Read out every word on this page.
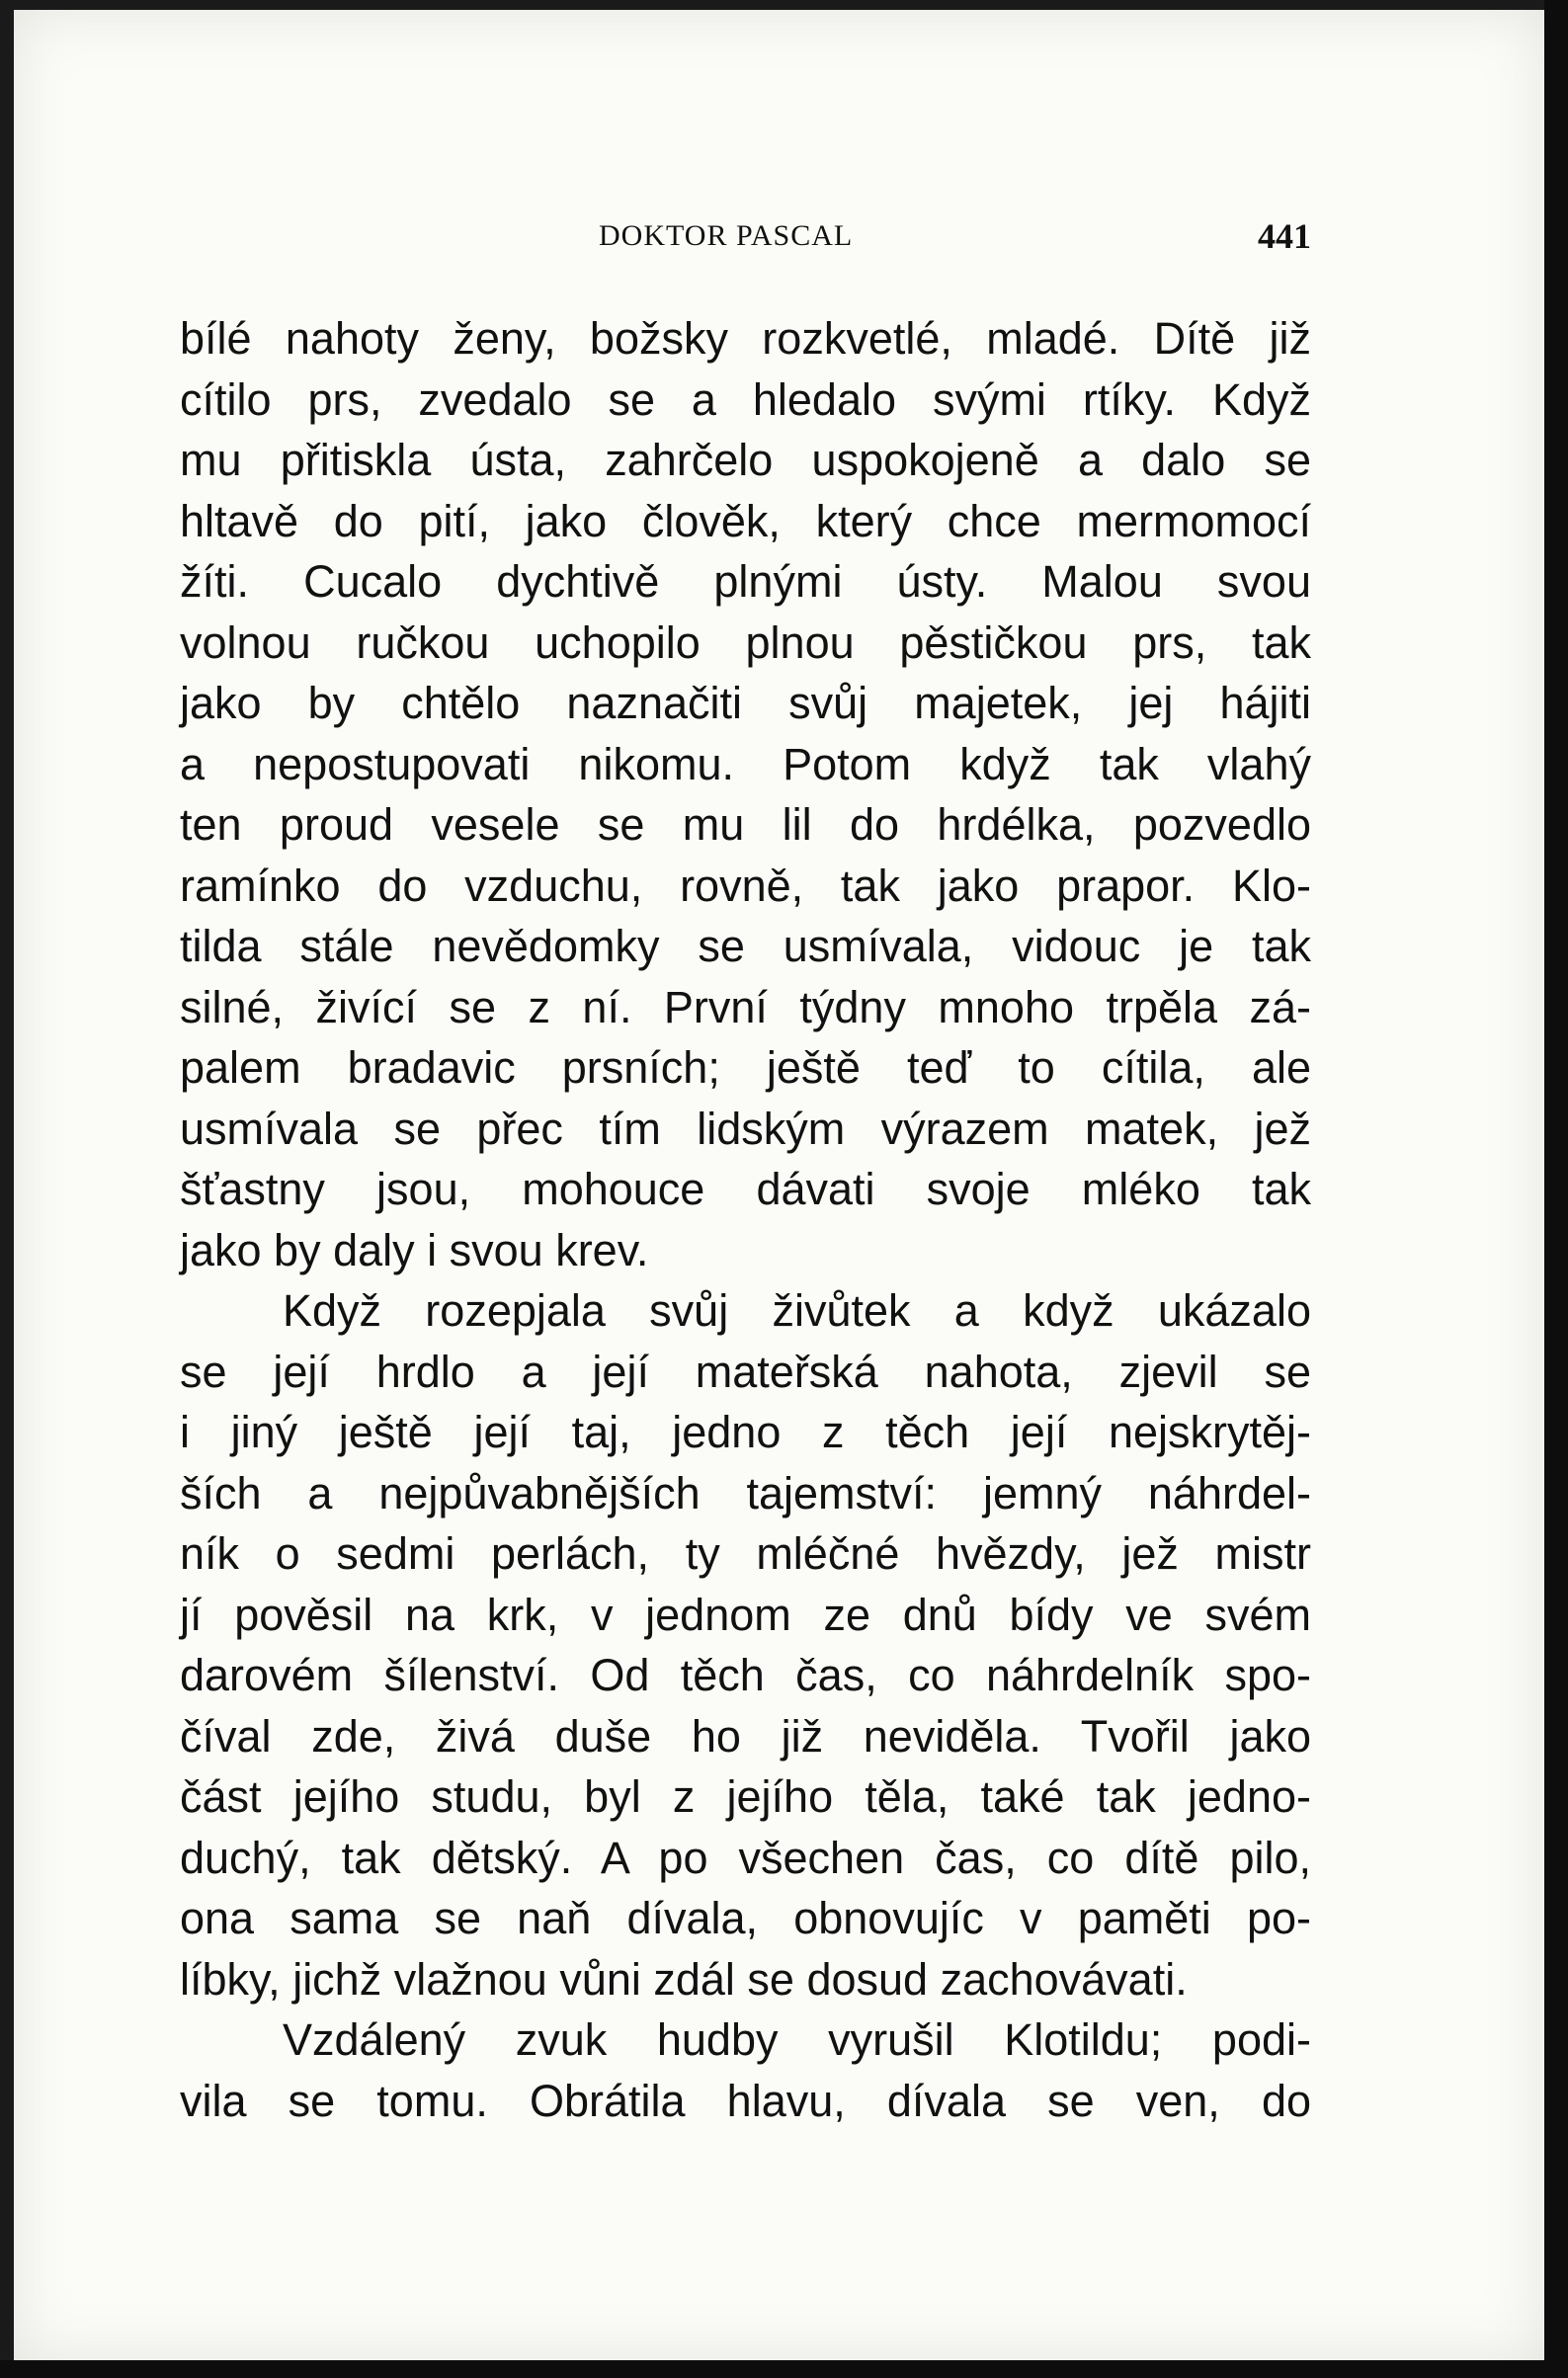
DOKTOR PASCAL	441
bílé nahoty ženy, božsky rozkvetlé, mladé. Dítě již
cítilo prs, zvedalo se a hledalo svými rtíky. Když
mu přitiskla ústa, zahrčelo uspokojeně a dalo se
hltavě do pití, jako člověk, který chce mermomocí
žíti. Cucalo dychtivě plnými ústy. Malou svou
volnou ručkou uchopilo plnou pěstičkou prs, tak
jako by chtělo naznačiti svůj majetek, jej hájiti
a nepostupovati nikomu. Potom když tak vlahý
ten proud vesele se mu lil do hrdélka, pozvedlo
ramínko do vzduchu, rovně, tak jako prapor. Klo-
tilda stále nevědomky se usmívala, vidouc je tak
silné, živící se z ní. První týdny mnoho trpěla zá-
palem bradavic prsních; ještě teď to cítila, ale
usmívala se přec tím lidským výrazem matek, jež
šťastny jsou, mohouce dávati svoje mléko tak
jako by daly i svou krev.
Když rozepjala svůj živůtek a když ukázalo
se její hrdlo a její mateřská nahota, zjevil se
i jiný ještě její taj, jedno z těch její nejskrytěj-
ších a nejpůvabnějších tajemství: jemný náhrdel-
ník o sedmi perlách, ty mléčné hvězdy, jež mistr
jí pověsil na krk, v jednom ze dnů bídy ve svém
darovém šílenství. Od těch čas, co náhrdelník spo-
číval zde, živá duše ho již neviděla. Tvořil jako
část jejího studu, byl z jejího těla, také tak jedno-
duchý, tak dětský. A po všechen čas, co dítě pilo,
ona sama se naň dívala, obnovujíc v paměti po-
líbky, jichž vlažnou vůni zdál se dosud zachovávati.
Vzdálený zvuk hudby vyrušil Klotildu; podi-
vila se tomu. Obrátila hlavu, dívala se ven, do
